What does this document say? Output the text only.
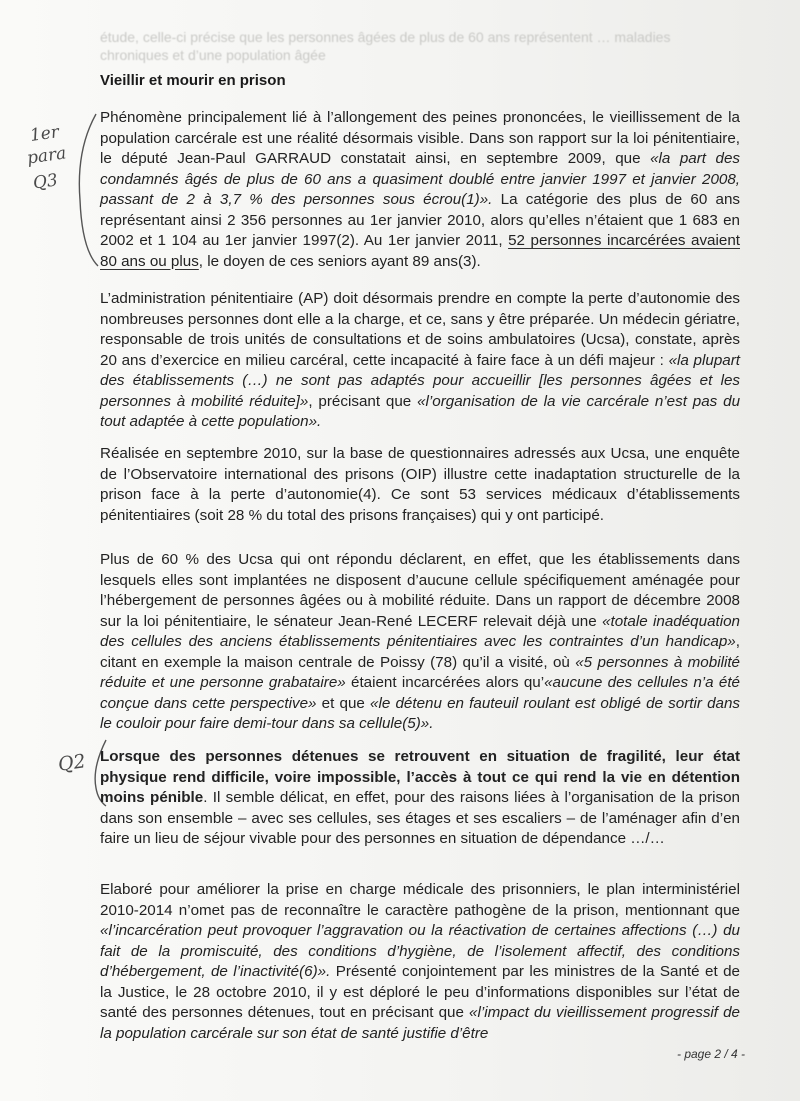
étude, celle-ci précise que les personnes âgées de plus de 60 ans représentent … maladies chroniques et d’une population âgée
Vieillir et mourir en prison
1er
para
Q3
Q2
Phénomène principalement lié à l’allongement des peines prononcées, le vieillissement de la population carcérale est une réalité désormais visible. Dans son rapport sur la loi pénitentiaire, le député Jean-Paul GARRAUD constatait ainsi, en septembre 2009, que «la part des condamnés âgés de plus de 60 ans a quasiment doublé entre janvier 1997 et janvier 2008, passant de 2 à 3,7 % des personnes sous écrou(1)». La catégorie des plus de 60 ans représentant ainsi 2 356 personnes au 1er janvier 2010, alors qu’elles n’étaient que 1 683 en 2002 et 1 104 au 1er janvier 1997(2). Au 1er janvier 2011, 52 personnes incarcérées avaient 80 ans ou plus, le doyen de ces seniors ayant 89 ans(3).
L’administration pénitentiaire (AP) doit désormais prendre en compte la perte d’autonomie des nombreuses personnes dont elle a la charge, et ce, sans y être préparée. Un médecin gériatre, responsable de trois unités de consultations et de soins ambulatoires (Ucsa), constate, après 20 ans d’exercice en milieu carcéral, cette incapacité à faire face à un défi majeur : «la plupart des établissements (…) ne sont pas adaptés pour accueillir [les personnes âgées et les personnes à mobilité réduite]», précisant que «l’organisation de la vie carcérale n’est pas du tout adaptée à cette population».
Réalisée en septembre 2010, sur la base de questionnaires adressés aux Ucsa, une enquête de l’Observatoire international des prisons (OIP) illustre cette inadaptation structurelle de la prison face à la perte d’autonomie(4). Ce sont 53 services médicaux d’établissements pénitentiaires (soit 28 % du total des prisons françaises) qui y ont participé.
Plus de 60 % des Ucsa qui ont répondu déclarent, en effet, que les établissements dans lesquels elles sont implantées ne disposent d’aucune cellule spécifiquement aménagée pour l’hébergement de personnes âgées ou à mobilité réduite. Dans un rapport de décembre 2008 sur la loi pénitentiaire, le sénateur Jean-René LECERF relevait déjà une «totale inadéquation des cellules des anciens établissements pénitentiaires avec les contraintes d’un handicap», citant en exemple la maison centrale de Poissy (78) qu’il a visité, où «5 personnes à mobilité réduite et une personne grabataire» étaient incarcérées alors qu’«aucune des cellules n’a été conçue dans cette perspective» et que «le détenu en fauteuil roulant est obligé de sortir dans le couloir pour faire demi-tour dans sa cellule(5)».
Lorsque des personnes détenues se retrouvent en situation de fragilité, leur état physique rend difficile, voire impossible, l’accès à tout ce qui rend la vie en détention moins pénible. Il semble délicat, en effet, pour des raisons liées à l’organisation de la prison dans son ensemble – avec ses cellules, ses étages et ses escaliers – de l’aménager afin d’en faire un lieu de séjour vivable pour des personnes en situation de dépendance …/…
Elaboré pour améliorer la prise en charge médicale des prisonniers, le plan interministériel 2010-2014 n’omet pas de reconnaître le caractère pathogène de la prison, mentionnant que «l’incarcération peut provoquer l’aggravation ou la réactivation de certaines affections (…) du fait de la promiscuité, des conditions d’hygiène, de l’isolement affectif, des conditions d’hébergement, de l’inactivité(6)». Présenté conjointement par les ministres de la Santé et de la Justice, le 28 octobre 2010, il y est déploré le peu d’informations disponibles sur l’état de santé des personnes détenues, tout en précisant que «l’impact du vieillissement progressif de la population carcérale sur son état de santé justifie d’être
- page 2 / 4 -
